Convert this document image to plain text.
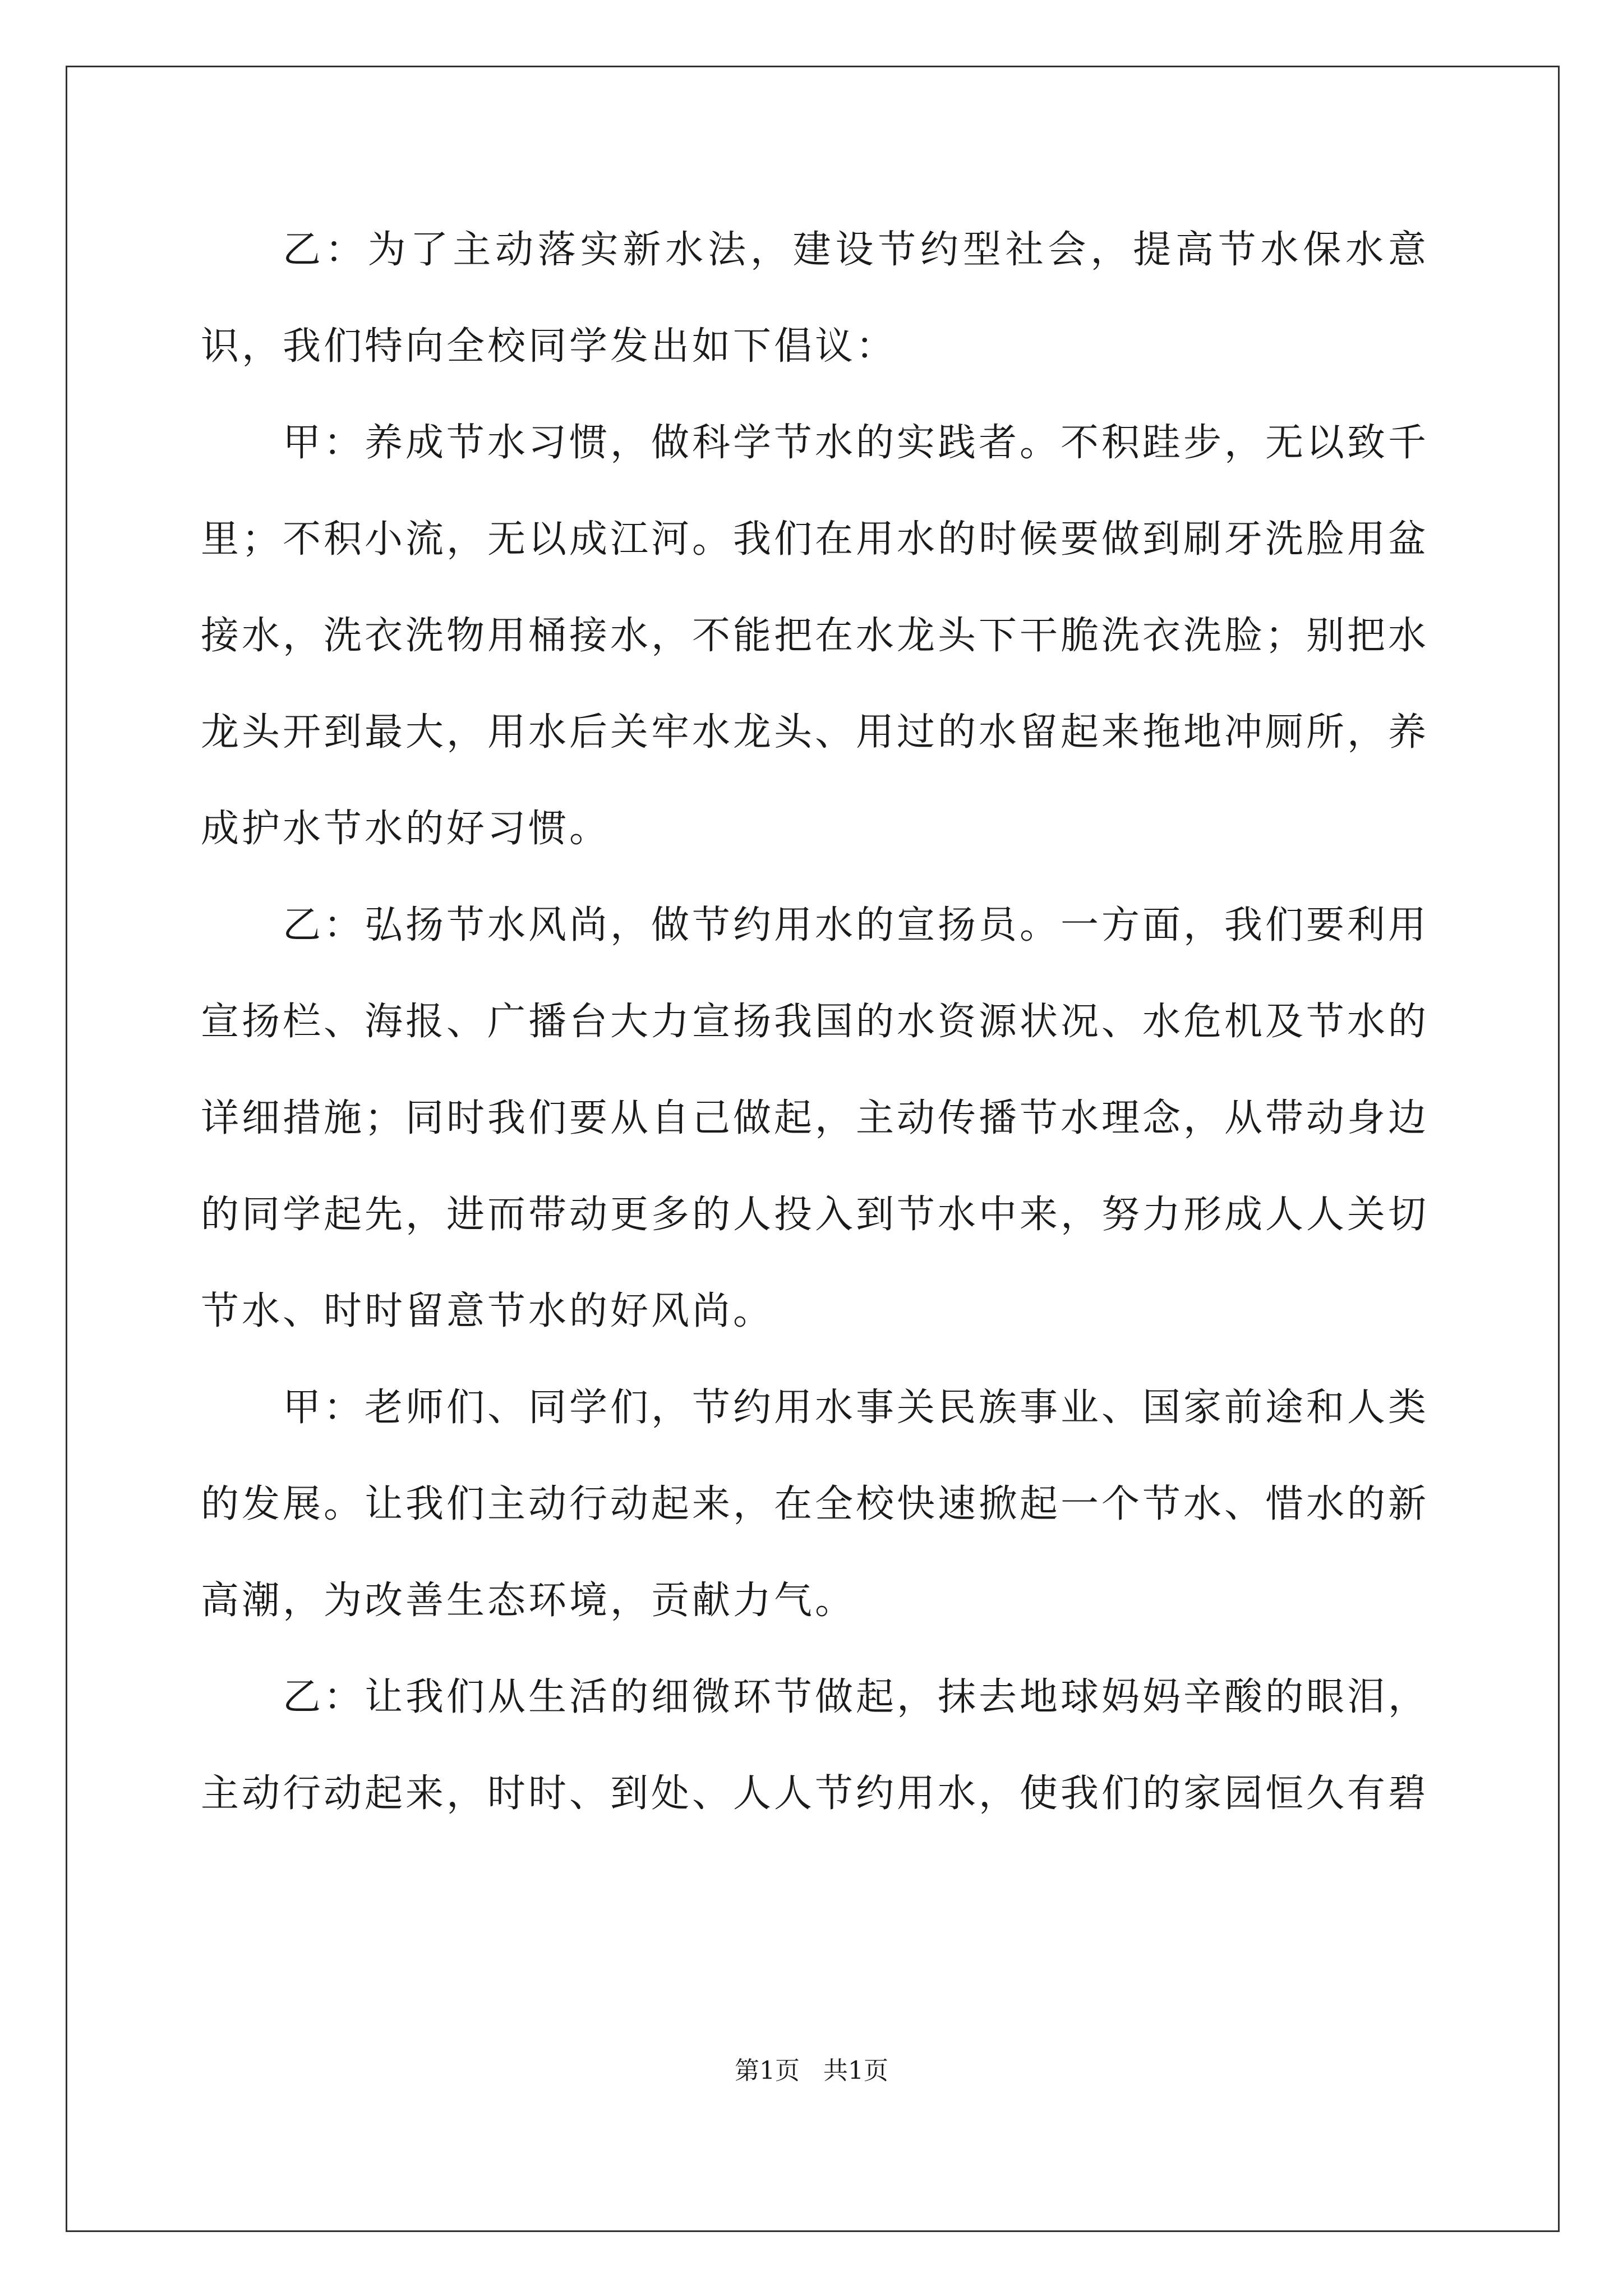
乙：为了主动落实新水法，建设节约型社会，提高节水保水意识，我们特向全校同学发出如下倡议：

甲：养成节水习惯，做科学节水的实践者。不积跬步，无以致千里；不积小流，无以成江河。我们在用水的时候要做到刷牙洗脸用盆接水，洗衣洗物用桶接水，不能把在水龙头下干脆洗衣洗脸；别把水龙头开到最大，用水后关牢水龙头、用过的水留起来拖地冲厕所，养成护水节水的好习惯。

乙：弘扬节水风尚，做节约用水的宣扬员。一方面，我们要利用宣扬栏、海报、广播台大力宣扬我国的水资源状况、水危机及节水的详细措施；同时我们要从自己做起，主动传播节水理念，从带动身边的同学起先，进而带动更多的人投入到节水中来，努力形成人人关切节水、时时留意节水的好风尚。

甲：老师们、同学们，节约用水事关民族事业、国家前途和人类的发展。让我们主动行动起来，在全校快速掀起一个节水、惜水的新高潮，为改善生态环境，贡献力气。

乙：让我们从生活的细微环节做起，抹去地球妈妈辛酸的眼泪，主动行动起来，时时、到处、人人节约用水，使我们的家园恒久有碧

第1页   共1页
